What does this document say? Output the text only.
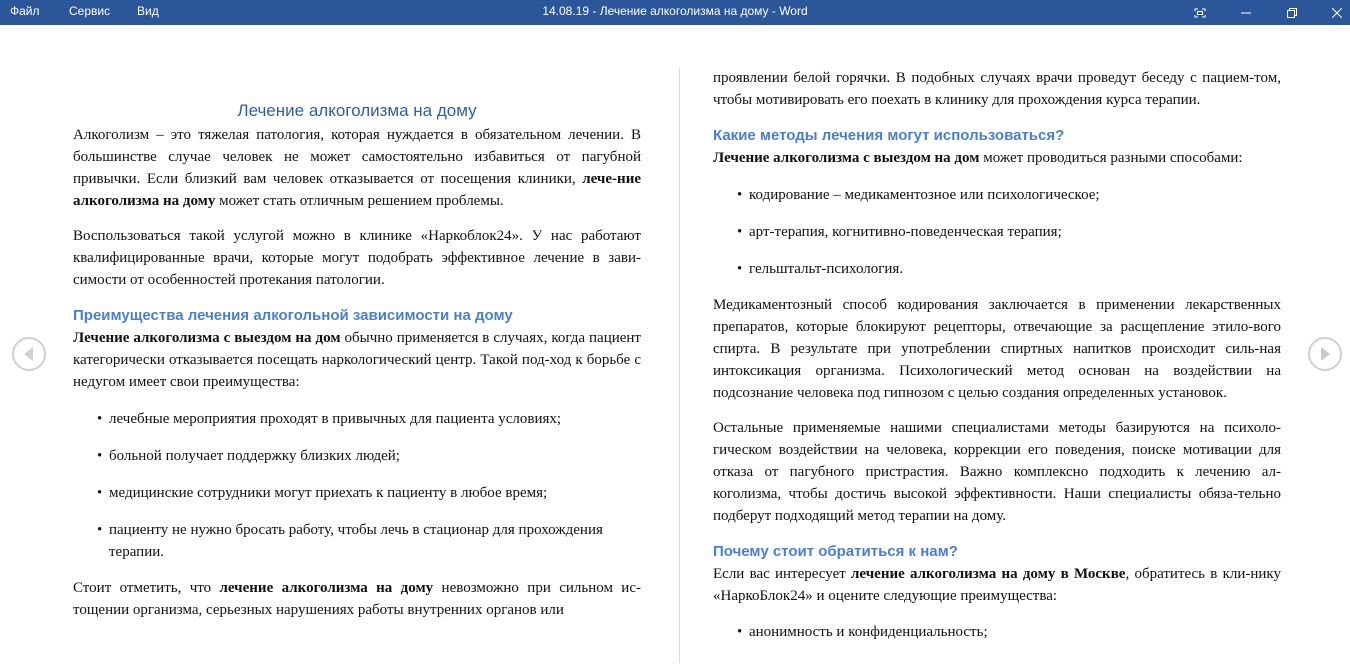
Файл Сервис Вид	14.08.19 - Лечение алкоголизма на дому - Word

Лечение алкоголизма на дому

Алкоголизм – это тяжелая патология, которая нуждается в обязательном лечении. В большинстве случае человек не может самостоятельно избавиться от пагубной привычки. Если близкий вам человек отказывается от посещения клиники, лече-ние алкоголизма на дому может стать отличным решением проблемы.

Воспользоваться такой услугой можно в клинике «Наркоблок24». У нас работают квалифицированные врачи, которые могут подобрать эффективное лечение в зави-симости от особенностей протекания патологии.

Преимущества лечения алкогольной зависимости на дому

Лечение алкоголизма с выездом на дом обычно применяется в случаях, когда пациент категорически отказывается посещать наркологический центр. Такой под-ход к борьбе с недугом имеет свои преимущества:

• лечебные мероприятия проходят в привычных для пациента условиях;

• больной получает поддержку близких людей;

• медицинские сотрудники могут приехать к пациенту в любое время;

• пациенту не нужно бросать работу, чтобы лечь в стационар для прохождения терапии.

Стоит отметить, что лечение алкоголизма на дому невозможно при сильном ис-тощении организма, серьезных нарушениях работы внутренних органов или

проявлении белой горячки. В подобных случаях врачи проведут беседу с пацием-том, чтобы мотивировать его поехать в клинику для прохождения курса терапии.

Какие методы лечения могут использоваться?

Лечение алкоголизма с выездом на дом может проводиться разными способами:

• кодирование – медикаментозное или психологическое;

• арт-терапия, когнитивно-поведенческая терапия;

• гельштальт-психология.

Медикаментозный способ кодирования заключается в применении лекарственных препаратов, которые блокируют рецепторы, отвечающие за расщепление этило-вого спирта. В результате при употреблении спиртных напитков происходит силь-ная интоксикация организма. Психологический метод основан на воздействии на подсознание человека под гипнозом с целью создания определенных установок.

Остальные применяемые нашими специалистами методы базируются на психоло-гическом воздействии на человека, коррекции его поведения, поиске мотивации для отказа от пагубного пристрастия. Важно комплексно подходить к лечению ал-коголизма, чтобы достичь высокой эффективности. Наши специалисты обяза-тельно подберут подходящий метод терапии на дому.

Почему стоит обратиться к нам?

Если вас интересует лечение алкоголизма на дому в Москве, обратитесь в кли-нику «НаркоБлок24» и оцените следующие преимущества:

• анонимность и конфиденциальность;
